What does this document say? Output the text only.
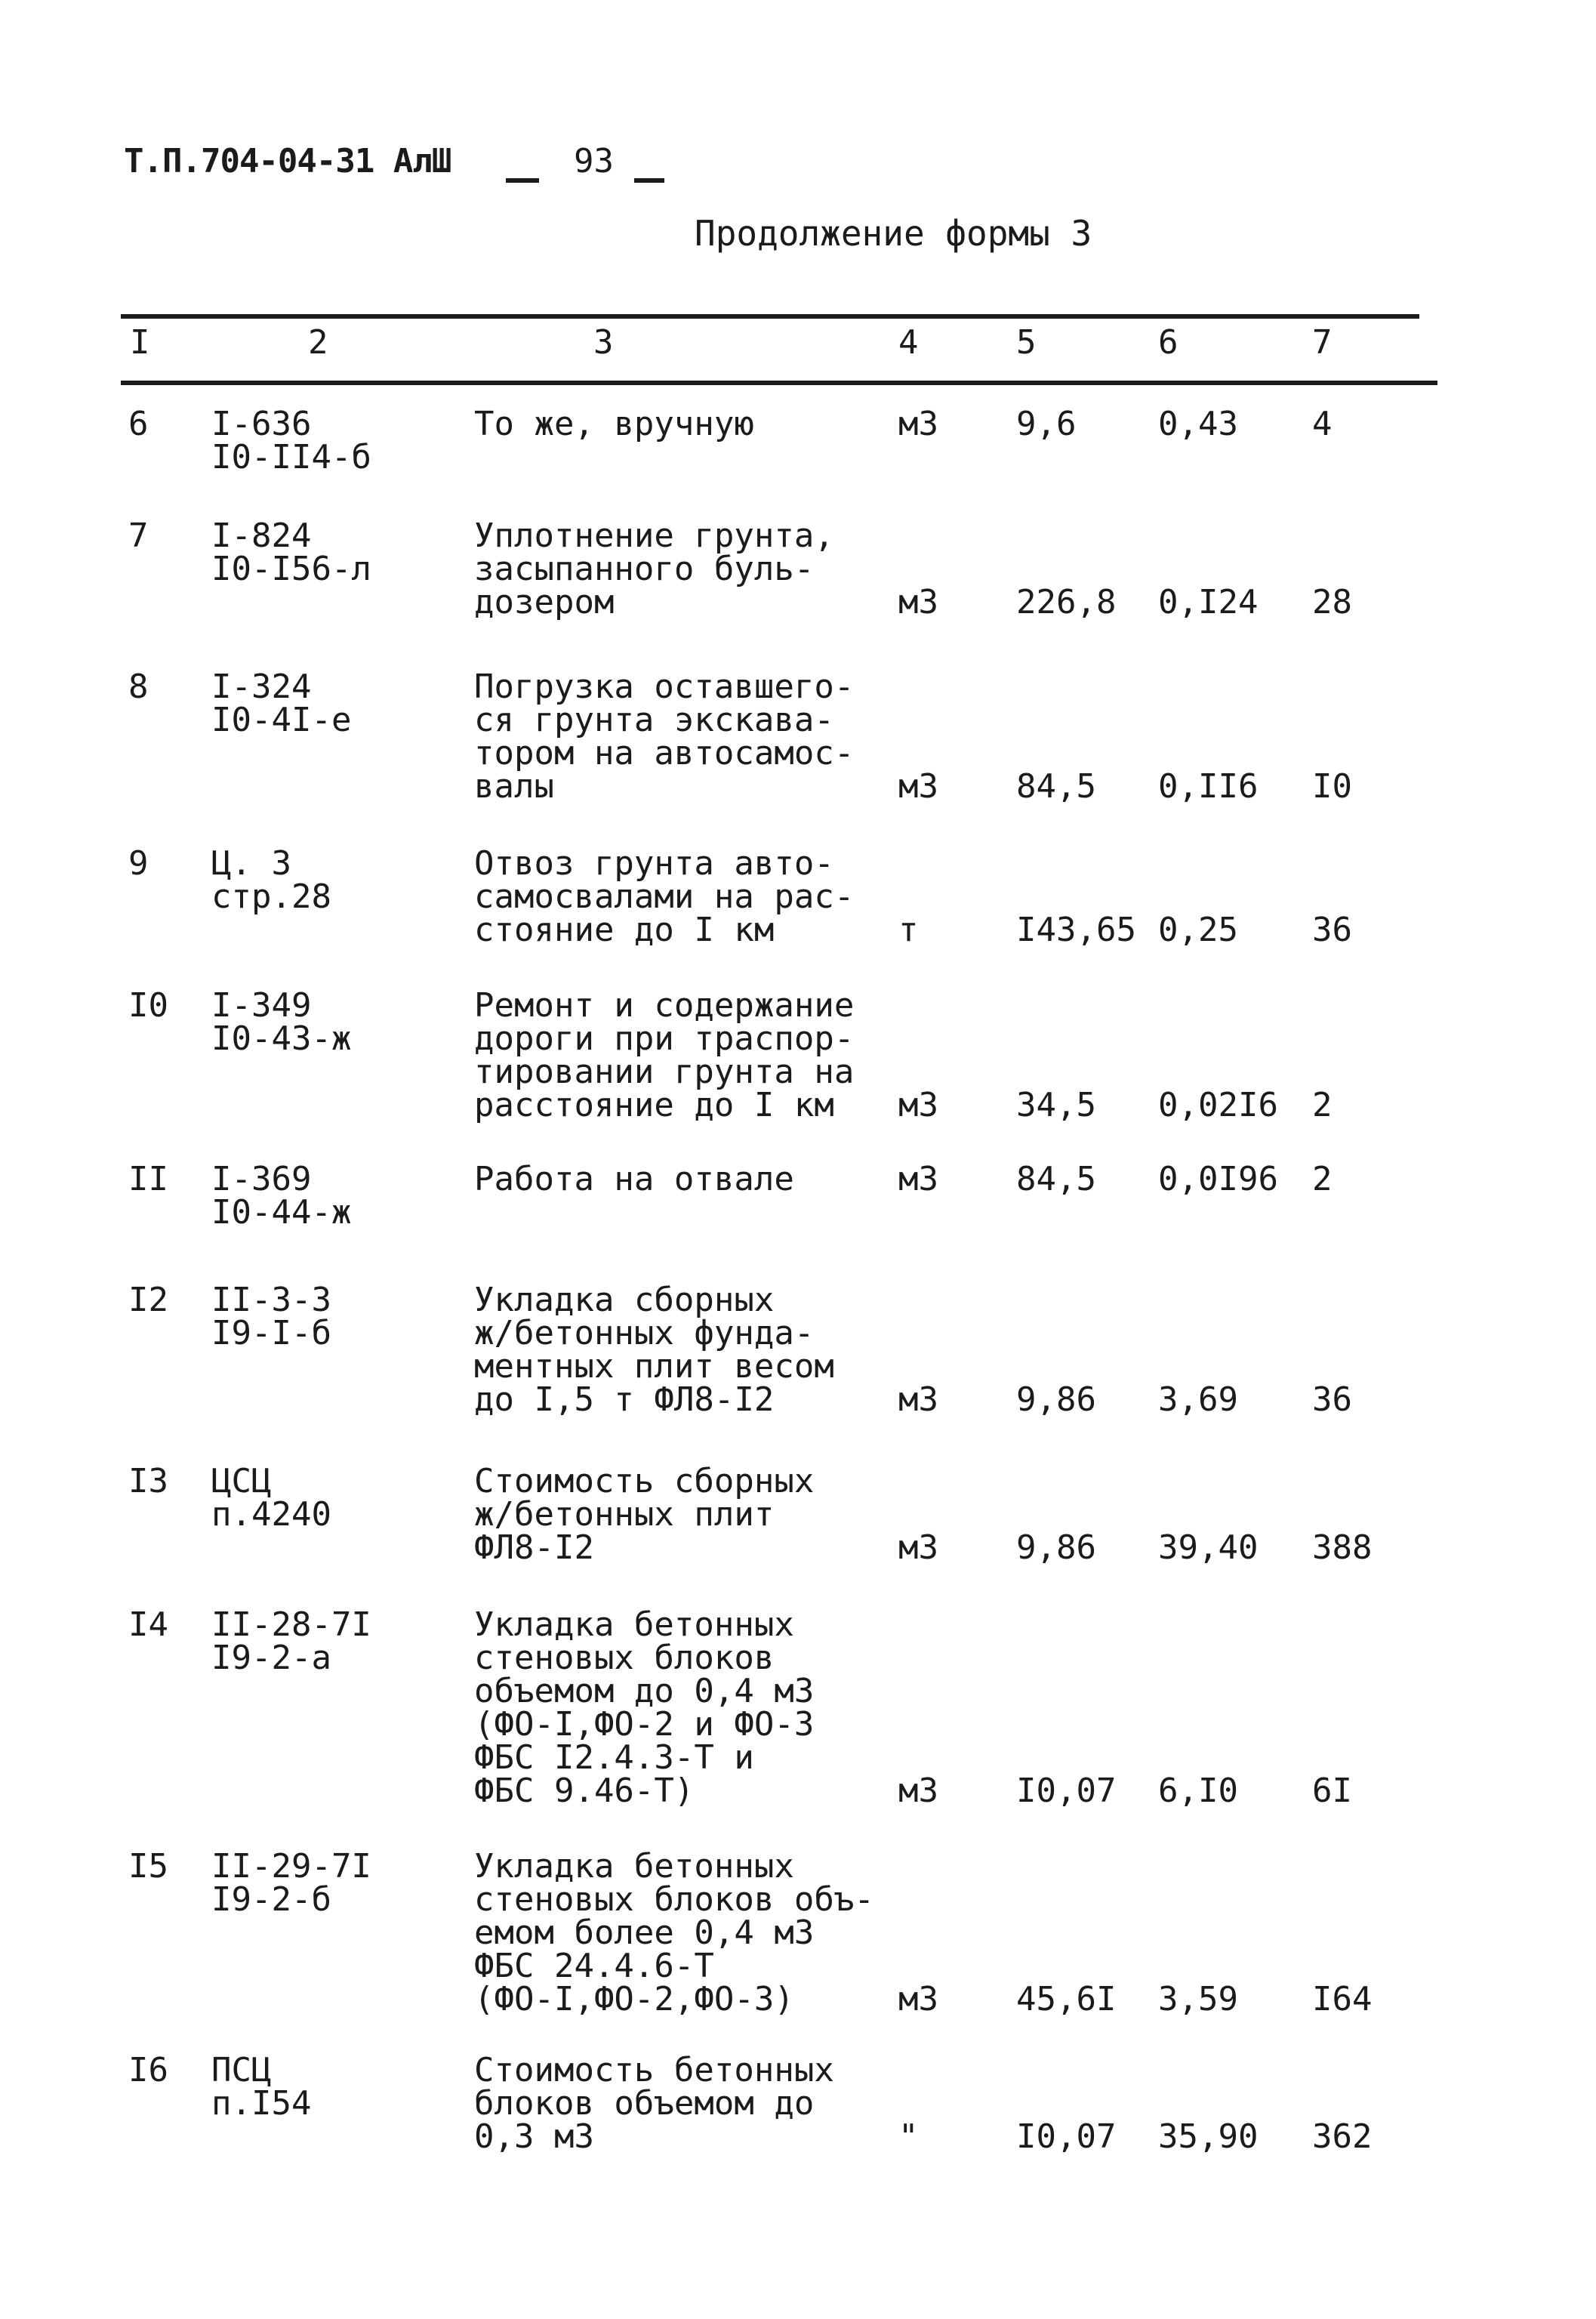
Т.П.704-04-31 АлШ	93
Продолжение формы 3
I	2	3	4	5	6	7
6 I-636
I0-II4-б
То же, вручную	м3 9,6 0,43 4
7 I-824
I0-I56-л
Уплотнение грунта,
засыпанного буль-
дозером	м3 226,8 0,I24 28
8 I-324
I0-4I-е
Погрузка оставшего-
ся грунта экскава-
тором на автосамос-
валы	м3 84,5 0,II6 I0
9 Ц. 3
стр.28
Отвоз грунта авто-
самосвалами на рас-
стояние до I км	т	I43,65 0,25 36
I0 I-349
I0-43-ж
Ремонт и содержание
дороги при траспор-
тировании грунта на
расстояние до I км	м3 34,5 0,02I6 2
II I-369
I0-44-ж
Работа на отвале	м3 84,5 0,0I96 2
I2 II-3-3
I9-I-б
Укладка сборных
ж/бетонных фунда-
ментных плит весом
до I,5 т ФЛ8-I2	м3 9,86 3,69 36
I3 ЦСЦ
п.4240
Стоимость сборных
ж/бетонных плит
ФЛ8-I2	м3 9,86 39,40 388
I4 II-28-7I
I9-2-а
Укладка бетонных
стеновых блоков
объемом до 0,4 м3
(ФО-I,ФО-2 и ФО-3
ФБС I2.4.3-Т и
ФБС 9.46-Т)	м3 I0,07 6,I0 6I
I5 II-29-7I
I9-2-б
Укладка бетонных
стеновых блоков объ-
емом более 0,4 м3
ФБС 24.4.6-Т
(ФО-I,ФО-2,ФО-3)	м3 45,6I 3,59 I64
I6 ПСЦ
п.I54
Стоимость бетонных
блоков объемом до
0,3 м3	"	I0,07 35,90 362
